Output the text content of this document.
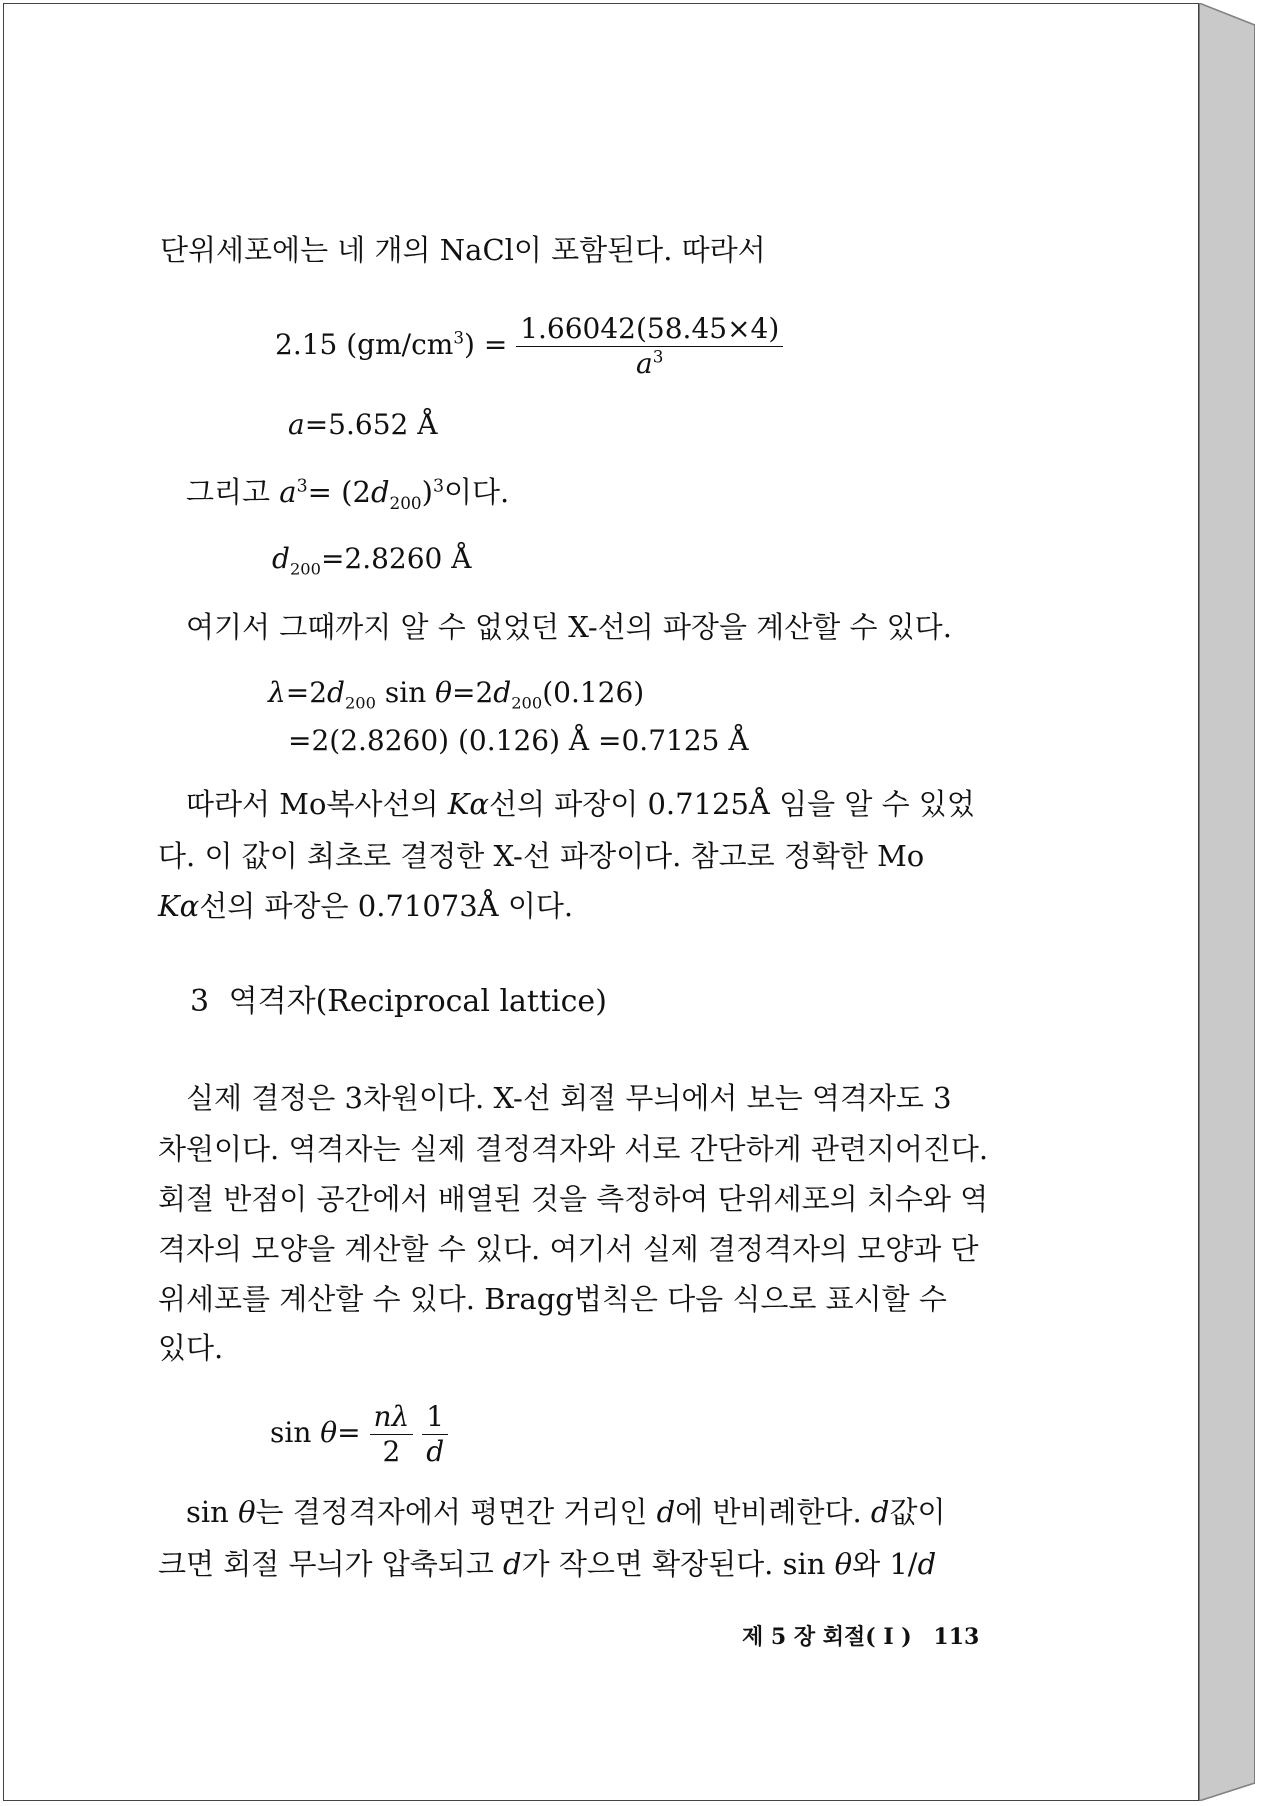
단위세포에는 네 개의 NaCl이 포함된다. 따라서
2.15 $(gm/cm^3) = \frac{1.66042(58.45\times 4)}{a^3}$
a=5.652 Å
그리고 $a^3= (2d_{200})^3$이다.
$d_{200}=2.8260$ Å
여기서 그때까지 알 수 없었던 X-선의 파장을 계산할 수 있다.
$\lambda=2d_{200}$ $\sin \theta=2d_{200}(0.126)$
=2(2.8260) (0.126) Å =0.7125 Å
따라서 Mo복사선의 Kα선의 파장이 0.7125Å 임을 알 수 있었
다. 이 값이 최초로 결정한 X-선 파장이다. 참고로 정확한 Mo
Kα선의 파장은 0.71073Å 이다.
3 역격자(Reciprocal lattice)
실제 결정은 3차원이다. X-선 회절 무늬에서 보는 역격자도 3
차원이다. 역격자는 실제 결정격자와 서로 간단하게 관련지어진다.
회절 반점이 공간에서 배열된 것을 측정하여 단위세포의 치수와 역
격자의 모양을 계산할 수 있다. 여기서 실제 결정격자의 모양과 단
위세포를 계산할 수 있다. Bragg법칙은 다음 식으로 표시할 수
있다.
$\sin \theta= \frac{n\lambda}{2}$
$\frac{1}{d}$
sin θ는 결정격자에서 평면간 거리인 d에 반비례한다. d값이
크면 회절 무늬가 압축되고 d가 작으면 확장된다. sin θ와 1/d
제 5 장 회절( I ) 113
